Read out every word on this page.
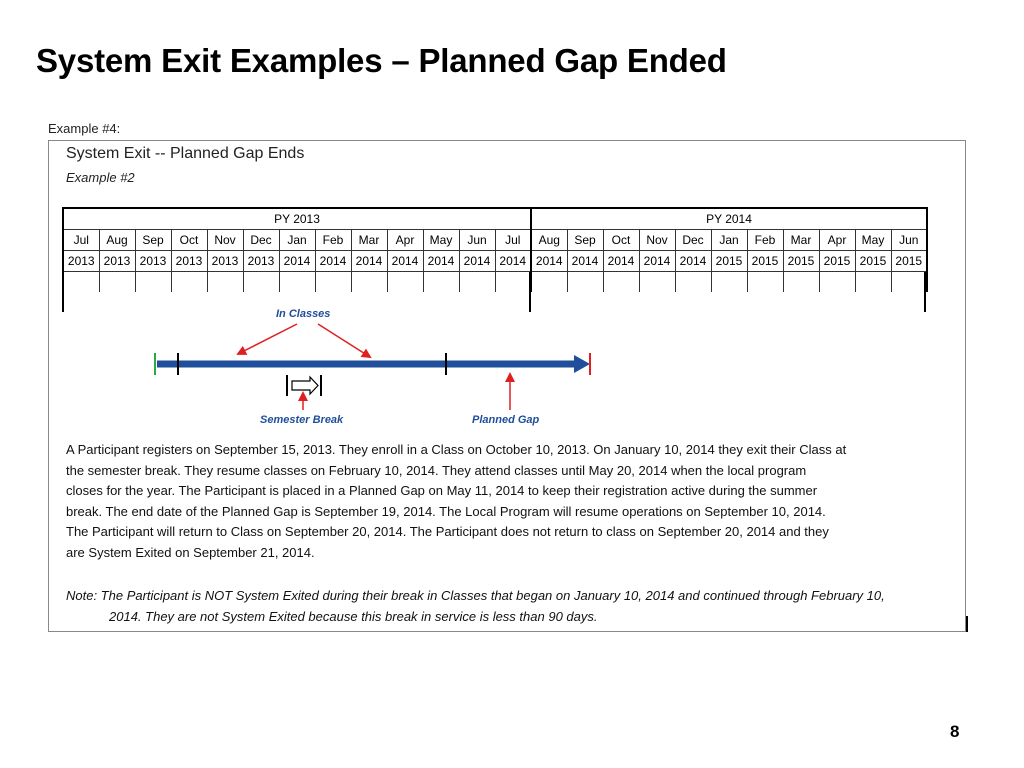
System Exit Examples – Planned Gap Ended
Example #4:
System Exit -- Planned Gap Ends
Example #2
PY 2013													PY 2014										
Jul	Aug	Sep	Oct	Nov	Dec	Jan	Feb	Mar	Apr	May	Jun	Jul	Aug	Sep	Oct	Nov	Dec	Jan	Feb	Mar	Apr	May	Jun
2013	2013	2013	2013	2013	2013	2014	2014	2014	2014	2014	2014	2014	2014	2014	2014	2014	2014	2015	2015	2015	2015	2015	2015

In Classes
Semester Break	Planned Gap
A Participant registers on September 15, 2013. They enroll in a Class on October 10, 2013. On January 10, 2014 they exit their Class at
the semester break. They resume classes on February 10, 2014. They attend classes until May 20, 2014 when the local program
closes for the year. The Participant is placed in a Planned Gap on May 11, 2014 to keep their registration active during the summer
break. The end date of the Planned Gap is September 19, 2014. The Local Program will resume operations on September 10, 2014.
The Participant will return to Class on September 20, 2014. The Participant does not return to class on September 20, 2014 and they
are System Exited on September 21, 2014.
Note: The Participant is NOT System Exited during their break in Classes that began on January 10, 2014 and continued through February 10,
2014. They are not System Exited because this break in service is less than 90 days.
8
